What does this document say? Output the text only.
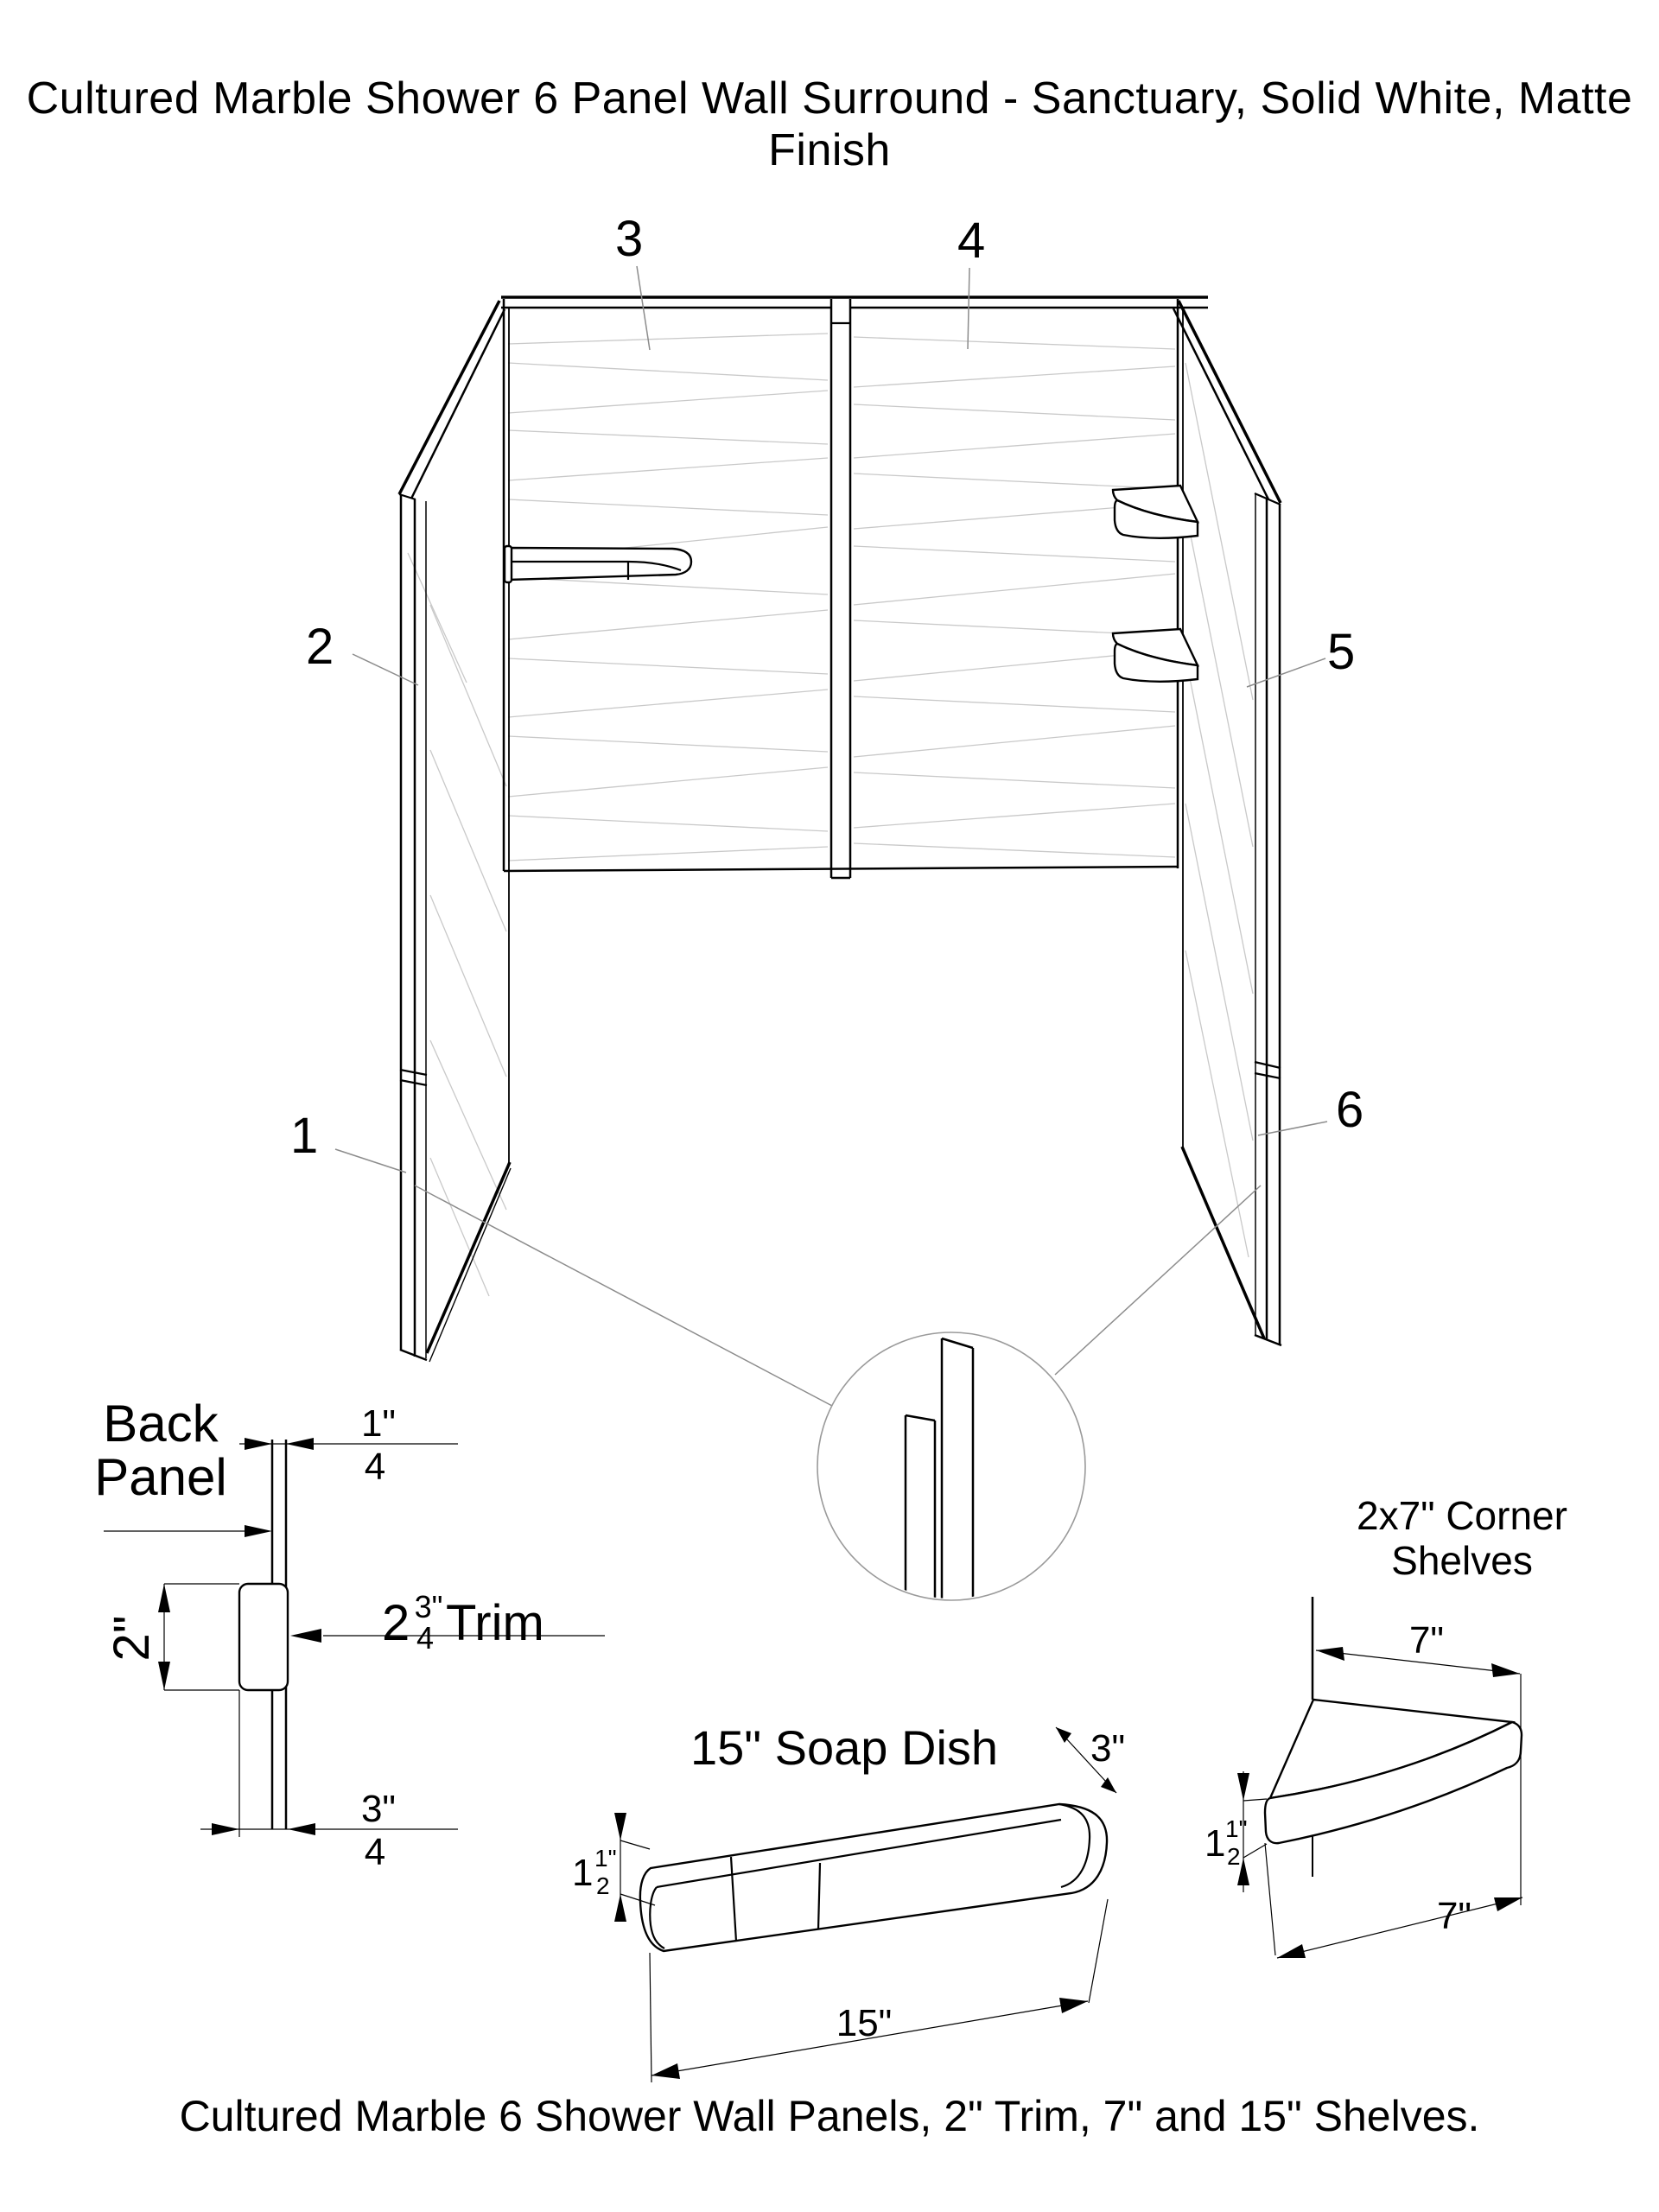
Cultured Marble Shower 6 Panel Wall Surround - Sanctuary, Solid White, Matte Finish
3	4
2	5
1	6
Back
Panel
1"
4
2"	2 3"
4 Trim
3"
4
15" Soap Dish 3"
1 1"
2
15"
2x7" Corner
Shelves
7"
1 1"
2
7"
Cultured Marble 6 Shower Wall Panels, 2" Trim, 7" and 15" Shelves.
